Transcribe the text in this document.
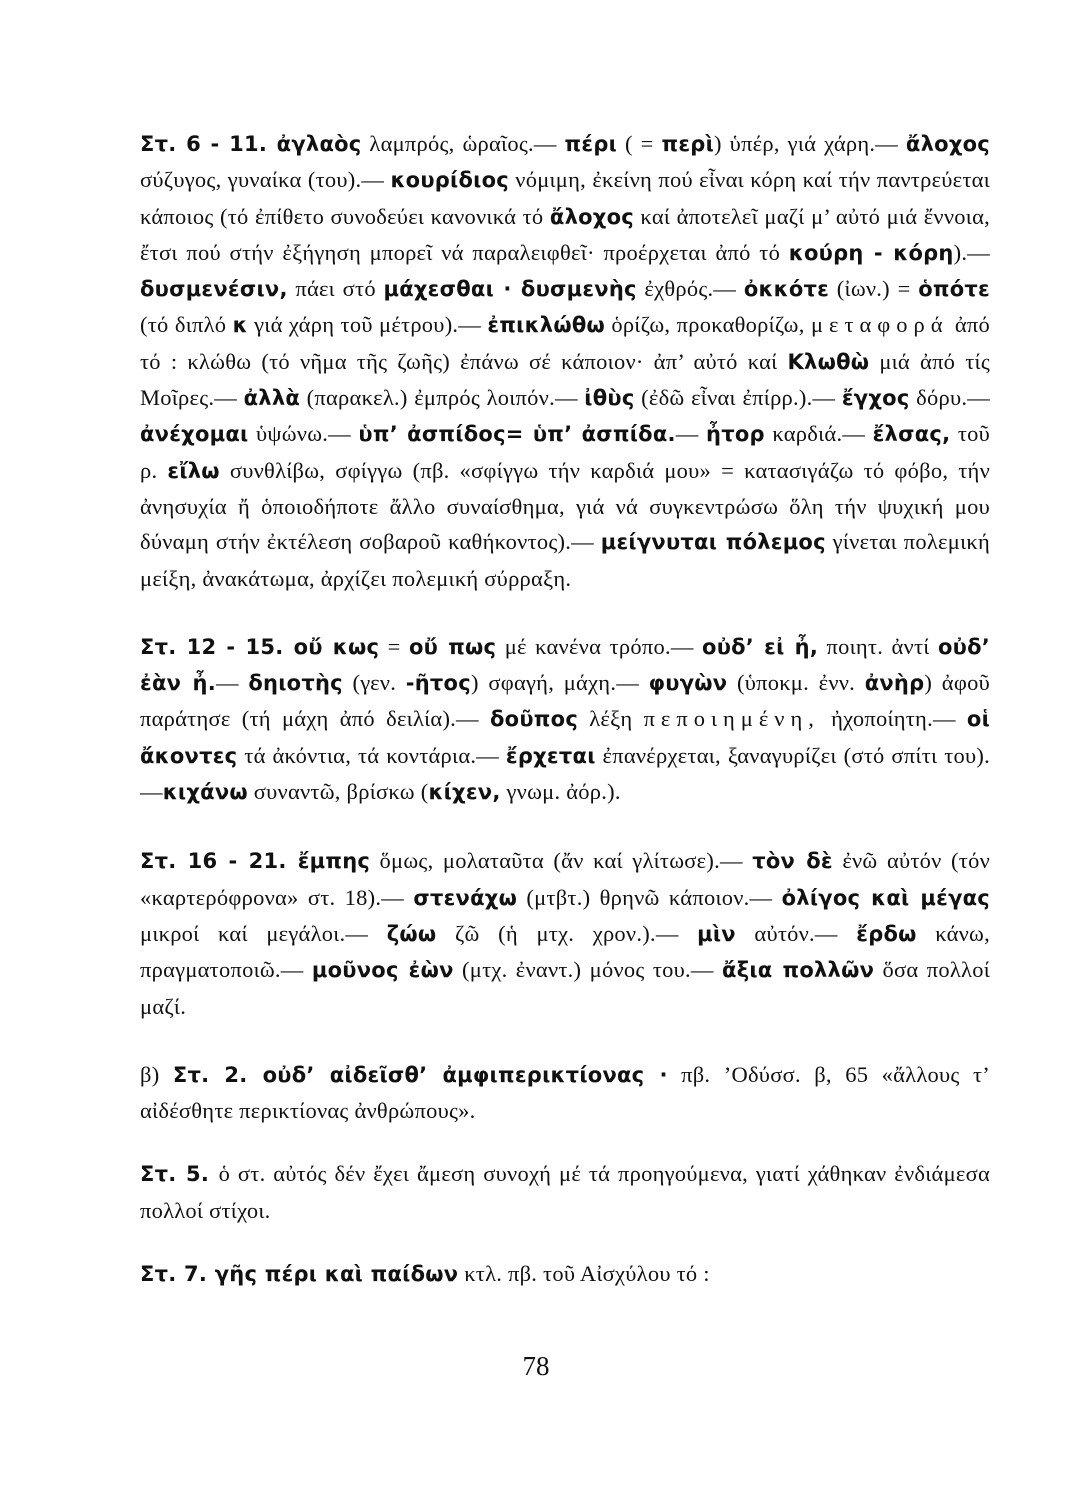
Στ. 6 - 11. ἀγλαὸς λαμπρός, ὡραῖος.— πέρι ( = περὶ) ὑπέρ, γιά χάρη.— ἄλοχος σύζυγος, γυναίκα (του).— κουρίδιος νόμιμη, ἐκείνη πού εἶναι κόρη καί τήν παντρεύεται κάποιος (τό ἐπίθετο συνοδεύει κανονικά τό ἄλοχος καί ἀποτελεῖ μαζί μ’ αὐτό μιά ἔννοια, ἔτσι πού στήν ἐξήγηση μπορεῖ νά παραλειφθεῖ· προέρχεται ἀπό τό κούρη - κόρη).— δυσμενέσιν, πάει στό μάχεσθαι · δυσμενὴς ἐχθρός.— ὀκκότε (ἰων.) = ὁπότε (τό διπλό κ γιά χάρη τοῦ μέτρου).— ἐπικλώθω ὁρίζω, προκαθορίζω, μεταφορά ἀπό τό : κλώθω (τό νῆμα τῆς ζωῆς) ἐπάνω σέ κάποιον· ἀπ’ αὐτό καί Κλωθὼ μιά ἀπό τίς Μοῖρες.— ἀλλὰ (παρακελ.) ἐμπρός λοιπόν.— ἰθὺς (ἐδῶ εἶναι ἐπίρρ.).— ἔγχος δόρυ.— ἀνέχομαι ὑψώνω.— ὑπ’ ἀσπίδος= ὑπ’ ἀσπίδα.— ἦτορ καρδιά.— ἔλσας, τοῦ ρ. εἴλω συνθλίβω, σφίγγω (πβ. «σφίγγω τήν καρδιά μου» = κατασιγάζω τό φόβο, τήν ἀνησυχία ἤ ὁποιοδήποτε ἄλλο συναίσθημα, γιά νά συγκεντρώσω ὅλη τήν ψυχική μου δύναμη στήν ἐκτέλεση σοβαροῦ καθήκοντος).— μείγνυται πόλεμος γίνεται πολεμική μείξη, ἀνακάτωμα, ἀρχίζει πολεμική σύρραξη.

Στ. 12 - 15. οὔ κως = οὔ πως μέ κανένα τρόπο.— οὐδ’ εἰ ἦ, ποιητ. ἀντί οὐδ’ ἐὰν ἦ.— δηιοτὴς (γεν. -ῆτος) σφαγή, μάχη.— φυγὼν (ὑποκμ. ἐνν. ἀνὴρ) ἀφοῦ παράτησε (τή μάχη ἀπό δειλία).— δοῦπος λέξη πεποιημένη, ἠχοποίητη.— οἱ ἄκοντες τά ἀκόντια, τά κοντάρια.— ἔρχεται ἐπανέρχεται, ξαναγυρίζει (στό σπίτι του). —κιχάνω συναντῶ, βρίσκω (κίχεν, γνωμ. ἀόρ.).

Στ. 16 - 21. ἔμπης ὅμως, μολαταῦτα (ἄν καί γλίτωσε).— τὸν δὲ ἐνῶ αὐτόν (τόν «καρτερόφρονα» στ. 18).— στενάχω (μτβτ.) θρηνῶ κάποιον.— ὀλίγος καὶ μέγας μικροί καί μεγάλοι.— ζώω ζῶ (ἡ μτχ. χρον.).— μὶν αὐτόν.— ἔρδω κάνω, πραγματοποιῶ.— μοῦνος ἐὼν (μτχ. ἐναντ.) μόνος του.— ἄξια πολλῶν ὅσα πολλοί μαζί.

β) Στ. 2. οὐδ’ αἰδεῖσθ’ ἀμφιπερικτίονας · πβ. ’Οδύσσ. β, 65 «ἄλλους τ’ αἰδέσθητε περικτίονας ἀνθρώπους».

Στ. 5. ὁ στ. αὐτός δέν ἔχει ἄμεση συνοχή μέ τά προηγούμενα, γιατί χάθηκαν ἐνδιάμεσα πολλοί στίχοι.

Στ. 7. γῆς πέρι καὶ παίδων κτλ. πβ. τοῦ Αἰσχύλου τό :

78
